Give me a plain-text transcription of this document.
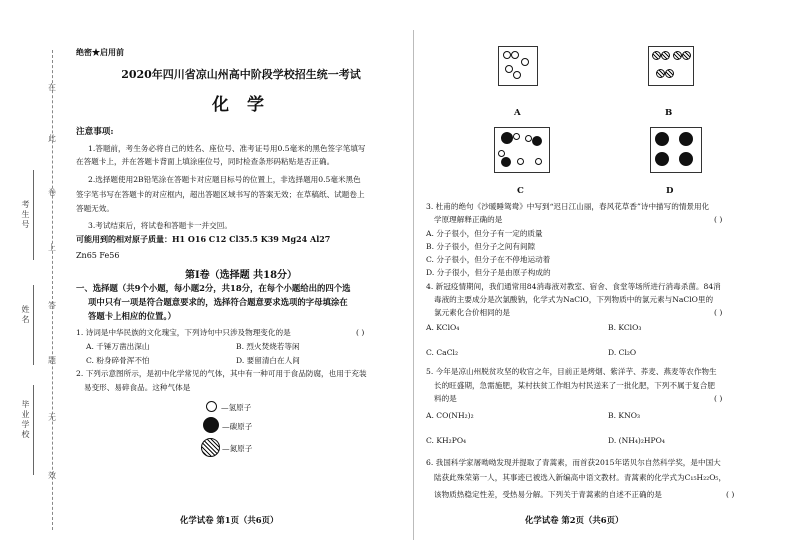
在
此
卷
上
答
题
无
效
考生号
姓名
毕业学校
绝密★启用前
2020年四川省凉山州高中阶段学校招生统一考试
化 学
注意事项:
1.答题前，考生务必将自己的姓名、座位号、准考证号用0.5毫米的黑色签字笔填写
在答题卡上，并在答题卡背面上填涂座位号，同时检查条形码粘贴是否正确。
2.选择题使用2B铅笔涂在答题卡对应题目标号的位置上，非选择题用0.5毫米黑色
签字笔书写在答题卡的对应框内，超出答题区域书写的答案无效；在草稿纸、试题卷上
答题无效。
3.考试结束后，将试卷和答题卡一并交回。
可能用到的相对原子质量：H1 O16 C12 Cl35.5 K39 Mg24 Al27
Zn65 Fe56
第Ⅰ卷（选择题 共18分）
一、选择题（共9个小题，每小题2分，共18分，在每个小题给出的四个选
项中只有一项是符合题意要求的，选择符合题意要求选项的字母填涂在
答题卡上相应的位置。）
1. 诗词是中华民族的文化瑰宝，下列诗句中只涉及物理变化的是	( )
A. 千锤万凿出深山	B. 烈火焚烧若等闲
C. 粉身碎骨浑不怕	D. 要留清白在人间
2. 下列示意图所示，是初中化学常见的气体，其中有一种可用于食品防腐，也用于充装
易变形、易碎食品。这种气体是
—氢原子
—碳原子
—氮原子
化学试卷 第1页（共6页）
A	B
C	D
3. 杜甫的绝句《沙暖睡鸳鸯》中写到“迟日江山丽，春风花草香”诗中描写的情景用化
学原理解释正确的是	( )
A. 分子很小，但分子有一定的质量
B. 分子很小，但分子之间有间隙
C. 分子很小，但分子在不停地运动着
D. 分子很小，但分子是由原子构成的
4. 新冠疫情期间，我们通常用84消毒液对教室、宿舍、食堂等场所进行消毒杀菌。84消
毒液的主要成分是次氯酸钠，化学式为NaClO，下列物质中的氯元素与NaClO里的
氯元素化合价相同的是	( )
A. KClO₄	B. KClO₃
C. CaCl₂	D. Cl₂O
5. 今年是凉山州脱贫攻坚的收官之年，目前正是烤烟、紫洋芋、荞麦、燕麦等农作物生
长的旺盛期，急需施肥，某村扶贫工作组为村民送来了一批化肥，下列不属于复合肥
料的是	( )
A. CO(NH₂)₂	B. KNO₃
C. KH₂PO₄	D. (NH₄)₂HPO₄
6. 我国科学家屠呦呦发现并提取了青蒿素，而首获2015年诺贝尔自然科学奖，是中国大
陆获此殊荣第一人，其事迹已被选入新编高中语文教材。青蒿素的化学式为C₁₅H₂₂O₅，
该物质热稳定性差，受热易分解。下列关于青蒿素的自述不正确的是	( )
化学试卷 第2页（共6页）
